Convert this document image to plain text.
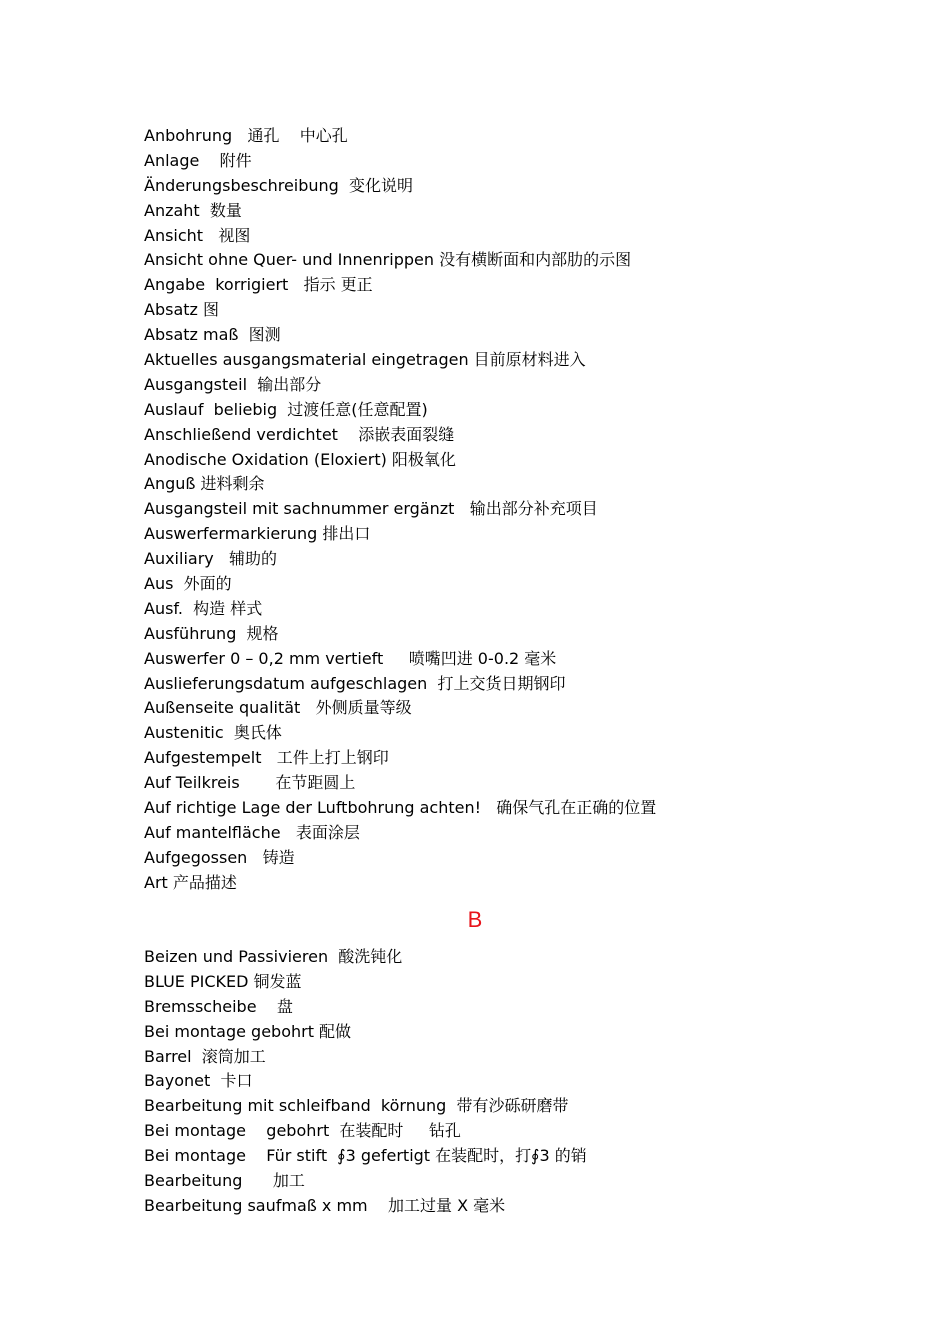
Anbohrung   通孔    中心孔
Anlage    附件
Änderungsbeschreibung  变化说明
Anzaht  数量
Ansicht   视图
Ansicht ohne Quer- und Innenrippen 没有横断面和内部肋的示图
Angabe  korrigiert   指示 更正
Absatz 图
Absatz maß  图测
Aktuelles ausgangsmaterial eingetragen 目前原材料进入
Ausgangsteil  输出部分
Auslauf  beliebig  过渡任意(任意配置)
Anschließend verdichtet    添嵌表面裂缝
Anodische Oxidation (Eloxiert) 阳极氧化
Anguß 进料剩余
Ausgangsteil mit sachnummer ergänzt   输出部分补充项目
Auswerfermarkierung 排出口
Auxiliary   辅助的
Aus  外面的
Ausf.  构造 样式
Ausführung  规格
Auswerfer 0 – 0,2 mm vertieft     喷嘴凹进 0-0.2 毫米
Auslieferungsdatum aufgeschlagen  打上交货日期钢印
Außenseite qualität   外侧质量等级
Austenitic  奥氏体
Aufgestempelt   工件上打上钢印
Auf Teilkreis       在节距圆上
Auf richtige Lage der Luftbohrung achten!   确保气孔在正确的位置
Auf mantelfläche   表面涂层
Aufgegossen   铸造
Art 产品描述
B
Beizen und Passivieren  酸洗钝化
BLUE PICKED 铜发蓝
Bremsscheibe    盘
Bei montage gebohrt 配做
Barrel  滚筒加工
Bayonet  卡口
Bearbeitung mit schleifband  körnung  带有沙砾研磨带
Bei montage    gebohrt  在装配时     钻孔
Bei montage    Für stift  ∮3 gefertigt 在装配时，打∮3 的销
Bearbeitung      加工
Bearbeitung saufmaß x mm    加工过量 X 毫米
